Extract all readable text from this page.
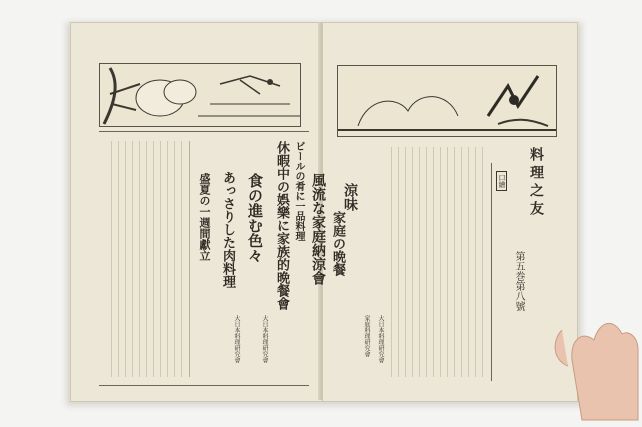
ビールの肴に一品料理
休暇中の娯樂に家族的晩餐會
食の進む色々
あっさりした肉料理
盛夏の一週間獻立
大日本料理研究會
大日本料理研究會
料理之友
第五巻第八號
口繪
涼味
家庭の晩餐
風流な家庭納涼會
家庭料理研究會 大日本料理研究會
